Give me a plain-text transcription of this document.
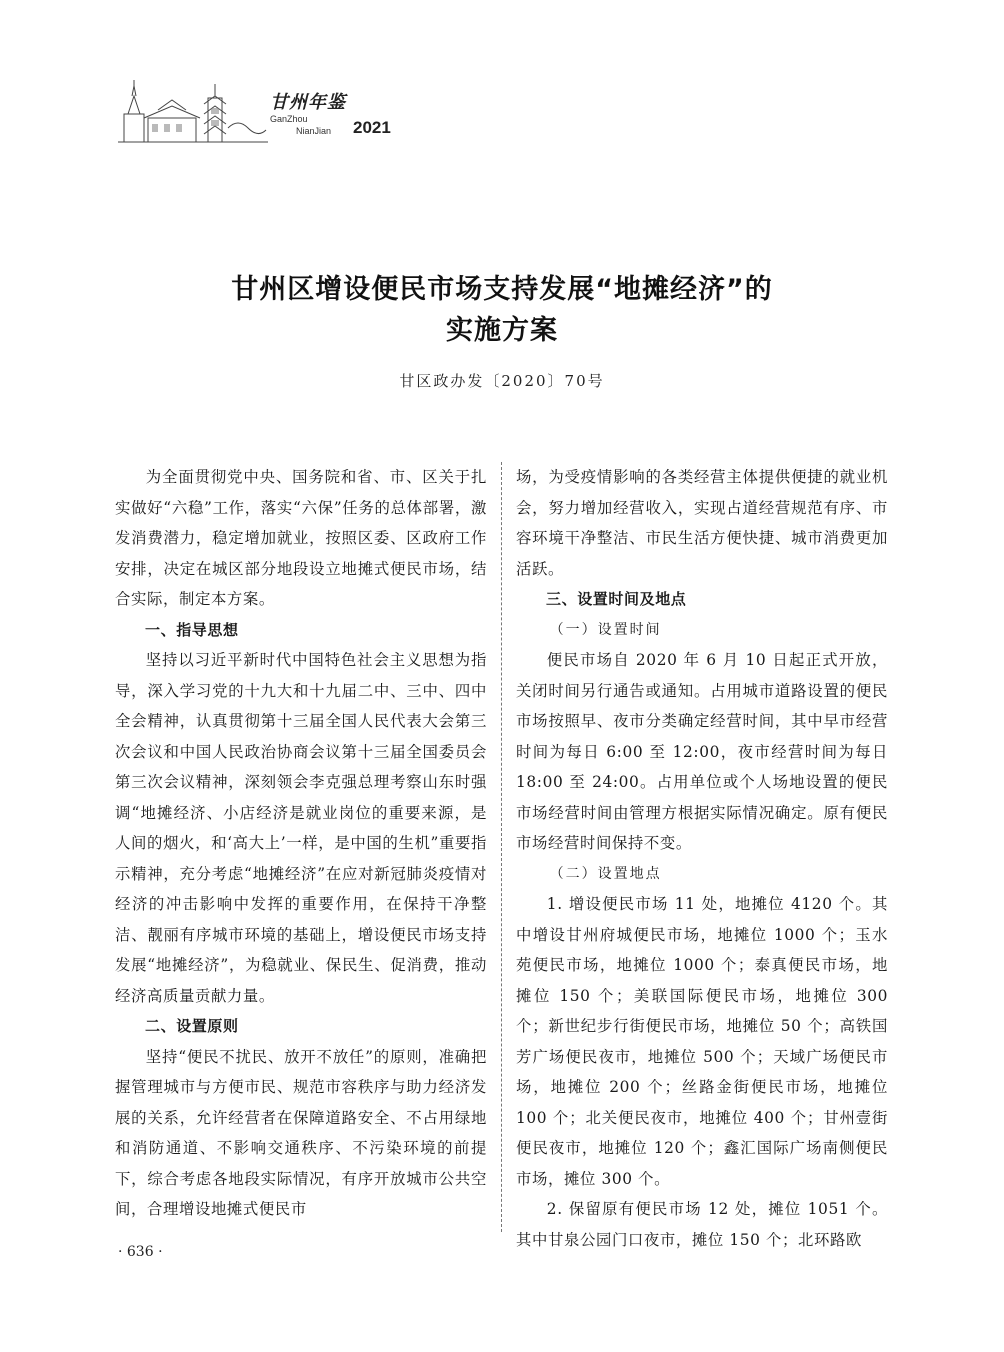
甘州年鉴
GanZhou
NianJian 2021
甘州区增设便民市场支持发展“地摊经济”的
实施方案
甘区政办发〔2020〕70号

为全面贯彻党中央、国务院和省、市、区关于扎实做好“六稳”工作，落实“六保”任务的总体部署，激发消费潜力，稳定增加就业，按照区委、区政府工作安排，决定在城区部分地段设立地摊式便民市场，结合实际，制定本方案。

一、指导思想

坚持以习近平新时代中国特色社会主义思想为指导，深入学习党的十九大和十九届二中、三中、四中全会精神，认真贯彻第十三届全国人民代表大会第三次会议和中国人民政治协商会议第十三届全国委员会第三次会议精神，深刻领会李克强总理考察山东时强调“地摊经济、小店经济是就业岗位的重要来源，是人间的烟火，和‘高大上’一样，是中国的生机”重要指示精神，充分考虑“地摊经济”在应对新冠肺炎疫情对经济的冲击影响中发挥的重要作用，在保持干净整洁、靓丽有序城市环境的基础上，增设便民市场支持发展“地摊经济”，为稳就业、保民生、促消费，推动经济高质量贡献力量。

二、设置原则

坚持“便民不扰民、放开不放任”的原则，准确把握管理城市与方便市民、规范市容秩序与助力经济发展的关系，允许经营者在保障道路安全、不占用绿地和消防通道、不影响交通秩序、不污染环境的前提下，综合考虑各地段实际情况，有序开放城市公共空间，合理增设地摊式便民市

场，为受疫情影响的各类经营主体提供便捷的就业机会，努力增加经营收入，实现占道经营规范有序、市容环境干净整洁、市民生活方便快捷、城市消费更加活跃。

三、设置时间及地点

（一）设置时间

便民市场自 2020 年 6 月 10 日起正式开放，关闭时间另行通告或通知。占用城市道路设置的便民市场按照早、夜市分类确定经营时间，其中早市经营时间为每日 6:00 至 12:00，夜市经营时间为每日 18:00 至 24:00。占用单位或个人场地设置的便民市场经营时间由管理方根据实际情况确定。原有便民市场经营时间保持不变。

（二）设置地点

1. 增设便民市场 11 处，地摊位 4120 个。其中增设甘州府城便民市场，地摊位 1000 个；玉水苑便民市场，地摊位 1000 个；泰真便民市场，地摊位 150 个；美联国际便民市场，地摊位 300 个；新世纪步行街便民市场，地摊位 50 个；高铁国芳广场便民夜市，地摊位 500 个；天域广场便民市场，地摊位 200 个；丝路金街便民市场，地摊位 100 个；北关便民夜市，地摊位 400 个；甘州壹街便民夜市，地摊位 120 个；鑫汇国际广场南侧便民市场，摊位 300 个。

2. 保留原有便民市场 12 处，摊位 1051 个。其中甘泉公园门口夜市，摊位 150 个；北环路欧

· 636 ·
